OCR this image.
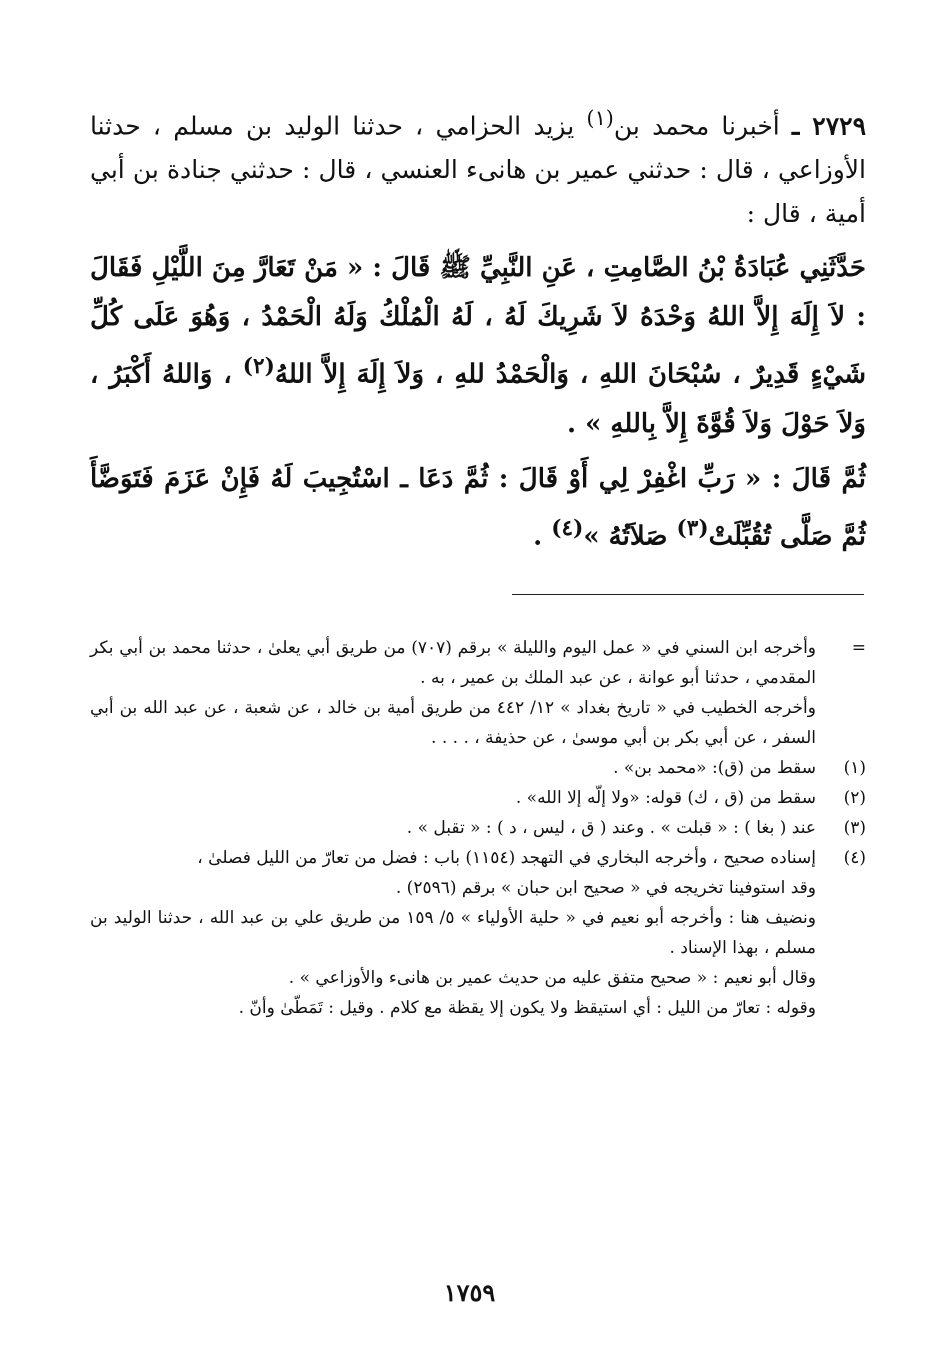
٢٧٢٩ ـ أخبرنا محمد بن$^{(١)}$ يزيد الحزامي ، حدثنا الوليد بن مسلم ، حدثنا الأوزاعي ، قال : حدثني عمير بن هانىء العنسي ، قال : حدثني جنادة بن أبي أمية ، قال :

حَدَّثَنِي عُبَادَةُ بْنُ الصَّامِتِ ، عَنِ النَّبِيِّ ﷺ قَالَ : « مَنْ تَعَارَّ مِنَ اللَّيْلِ فَقَالَ : لاَ إِلَهَ إِلاَّ اللهُ وَحْدَهُ لاَ شَرِيكَ لَهُ ، لَهُ الْمُلْكُ وَلَهُ الْحَمْدُ ، وَهُوَ عَلَى كُلِّ شَيْءٍ قَدِيرٌ ، سُبْحَانَ اللهِ ، وَالْحَمْدُ للهِ ، وَلاَ إِلَهَ إِلاَّ اللهُ$^{(٢)}$ ، وَاللهُ أَكْبَرُ ، وَلاَ حَوْلَ وَلاَ قُوَّةَ إِلاَّ بِاللهِ » .

ثُمَّ قَالَ : « رَبِّ اغْفِرْ لِي أَوْ قَالَ : ثُمَّ دَعَا ـ اسْتُجِيبَ لَهُ فَإِنْ عَزَمَ فَتَوَضَّأَ ثُمَّ صَلَّى تُقُبِّلَتْ$^{(٣)}$ صَلاَتُهُ »$^{(٤)}$ .

=
وأخرجه ابن السني في « عمل اليوم والليلة » برقم (٧٠٧) من طريق أبي يعلىٰ ، حدثنا محمد بن أبي بكر المقدمي ، حدثنا أبو عوانة ، عن عبد الملك بن عمير ، به .
وأخرجه الخطيب في « تاريخ بغداد » ١٢/ ٤٤٢ من طريق أمية بن خالد ، عن شعبة ، عن عبد الله بن أبي السفر ، عن أبي بكر بن أبي موسىٰ ، عن حذيفة ، . . . .
(١)
سقط من (ق): «محمد بن» .
(٢)
سقط من (ق ، ك) قوله: «ولا إلّه إلا الله» .
(٣)
عند ( بغا ) : « قبلت » . وعند ( ق ، ليس ، د ) : « تقبل » .
(٤)
إسناده صحيح ، وأخرجه البخاري في التهجد (١١٥٤) باب : فضل من تعارّ من الليل فصلىٰ ،
وقد استوفينا تخريجه في « صحيح ابن حبان » برقم (٢٥٩٦) .
ونضيف هنا : وأخرجه أبو نعيم في « حلية الأولياء » ٥/ ١٥٩ من طريق علي بن عبد الله ، حدثنا الوليد بن مسلم ، بهذا الإسناد .
وقال أبو نعيم : « صحيح متفق عليه من حديث عمير بن هانىء والأوزاعي » .
وقوله : تعارّ من الليل : أي استيقظ ولا يكون إلا يقظة مع كلام . وقيل : تَمَطّىٰ وأنّ .
١٧٥٩
